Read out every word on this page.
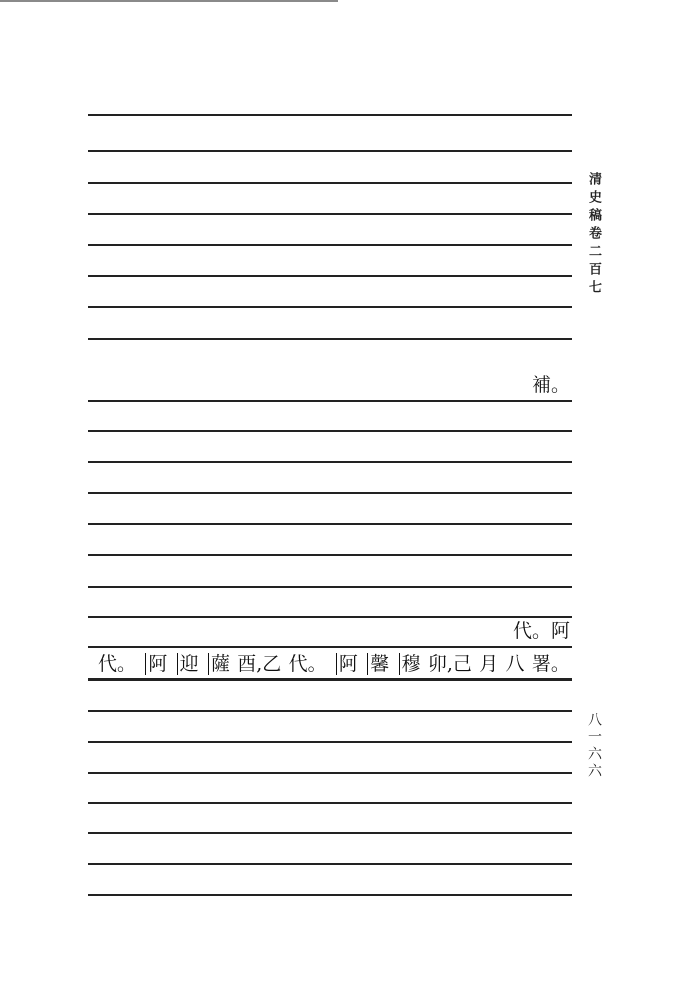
補。
代。阿
代。 阿 迎 薩 酉,乙 代。 阿 馨 穆 卯,己 月 八 署。
清史稿卷二百七
八一六六
